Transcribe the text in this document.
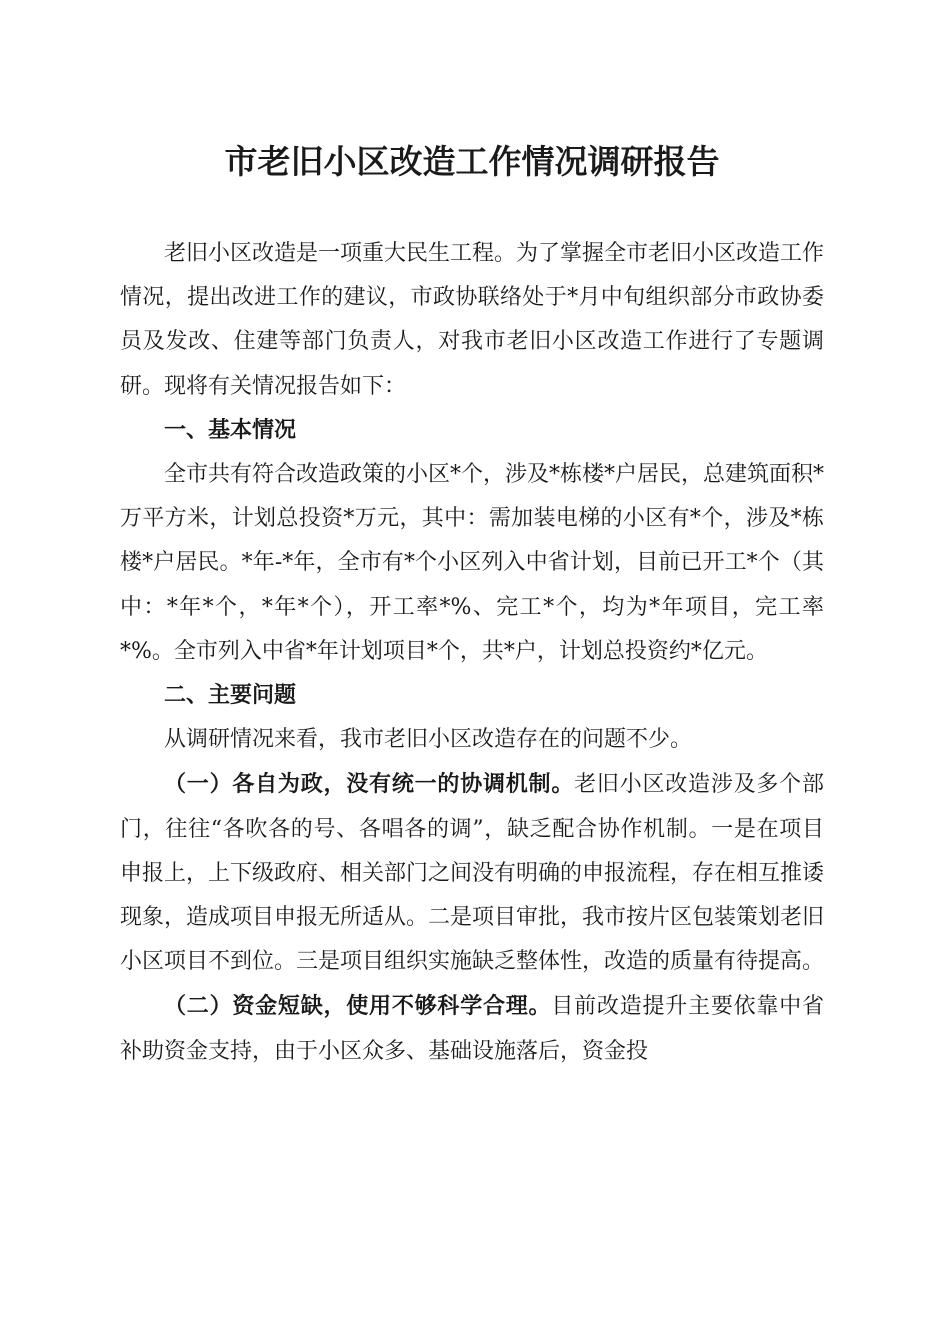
市老旧小区改造工作情况调研报告

老旧小区改造是一项重大民生工程。为了掌握全市老旧小区改造工作情况，提出改进工作的建议，市政协联络处于*月中旬组织部分市政协委员及发改、住建等部门负责人，对我市老旧小区改造工作进行了专题调研。现将有关情况报告如下：

一、基本情况

全市共有符合改造政策的小区*个，涉及*栋楼*户居民，总建筑面积*万平方米，计划总投资*万元，其中：需加装电梯的小区有*个，涉及*栋楼*户居民。*年-*年，全市有*个小区列入中省计划，目前已开工*个（其中：*年*个，*年*个），开工率*%、完工*个，均为*年项目，完工率*%。全市列入中省*年计划项目*个，共*户，计划总投资约*亿元。

二、主要问题

从调研情况来看，我市老旧小区改造存在的问题不少。

（一）各自为政，没有统一的协调机制。老旧小区改造涉及多个部门，往往“各吹各的号、各唱各的调”，缺乏配合协作机制。一是在项目申报上，上下级政府、相关部门之间没有明确的申报流程，存在相互推诿现象，造成项目申报无所适从。二是项目审批，我市按片区包装策划老旧小区项目不到位。三是项目组织实施缺乏整体性，改造的质量有待提高。

（二）资金短缺，使用不够科学合理。目前改造提升主要依靠中省补助资金支持，由于小区众多、基础设施落后，资金投
